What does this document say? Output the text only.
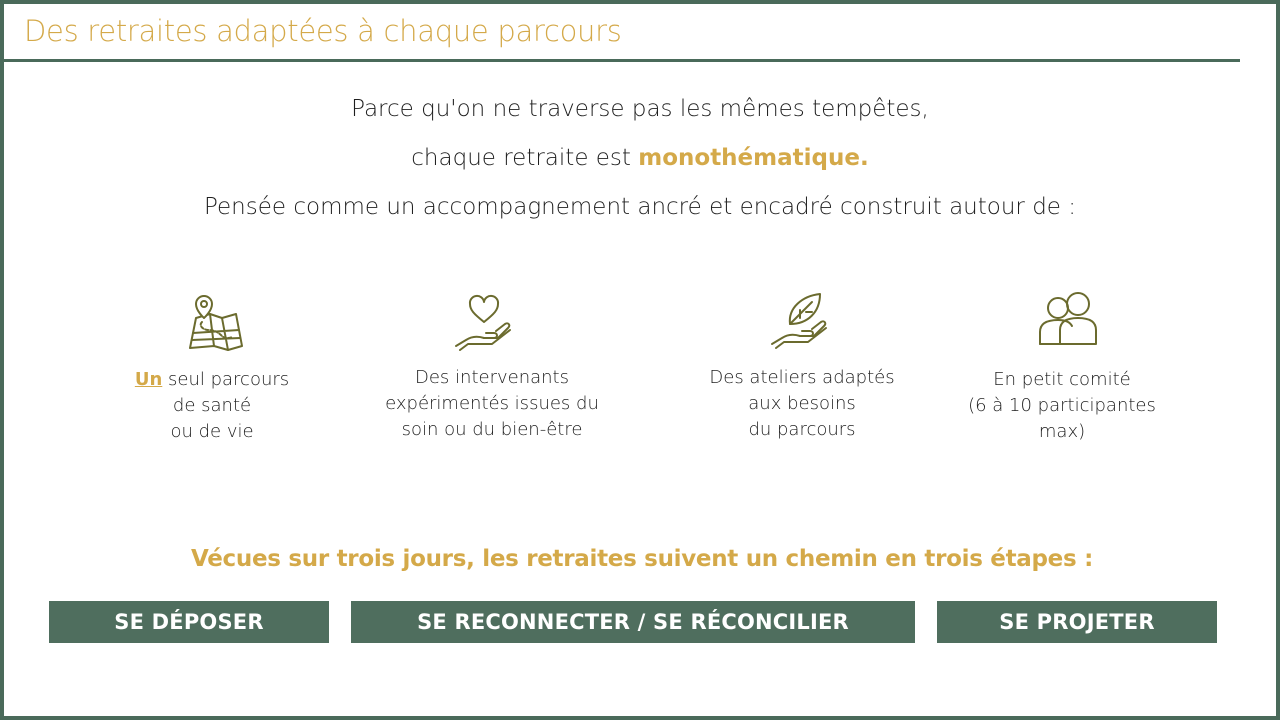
Des retraites adaptées à chaque parcours
Parce qu'on ne traverse pas les mêmes tempêtes,
chaque retraite est monothématique.
Pensée comme un accompagnement ancré et encadré construit autour de :
Un seul parcours
de santé
ou de vie
Des intervenants
expérimentés issues du
soin ou du bien-être
Des ateliers adaptés
aux besoins
du parcours
En petit comité
(6 à 10 participantes
max)
Vécues sur trois jours, les retraites suivent un chemin en trois étapes :
SE DÉPOSER	SE RECONNECTER / SE RÉCONCILIER	SE PROJETER
